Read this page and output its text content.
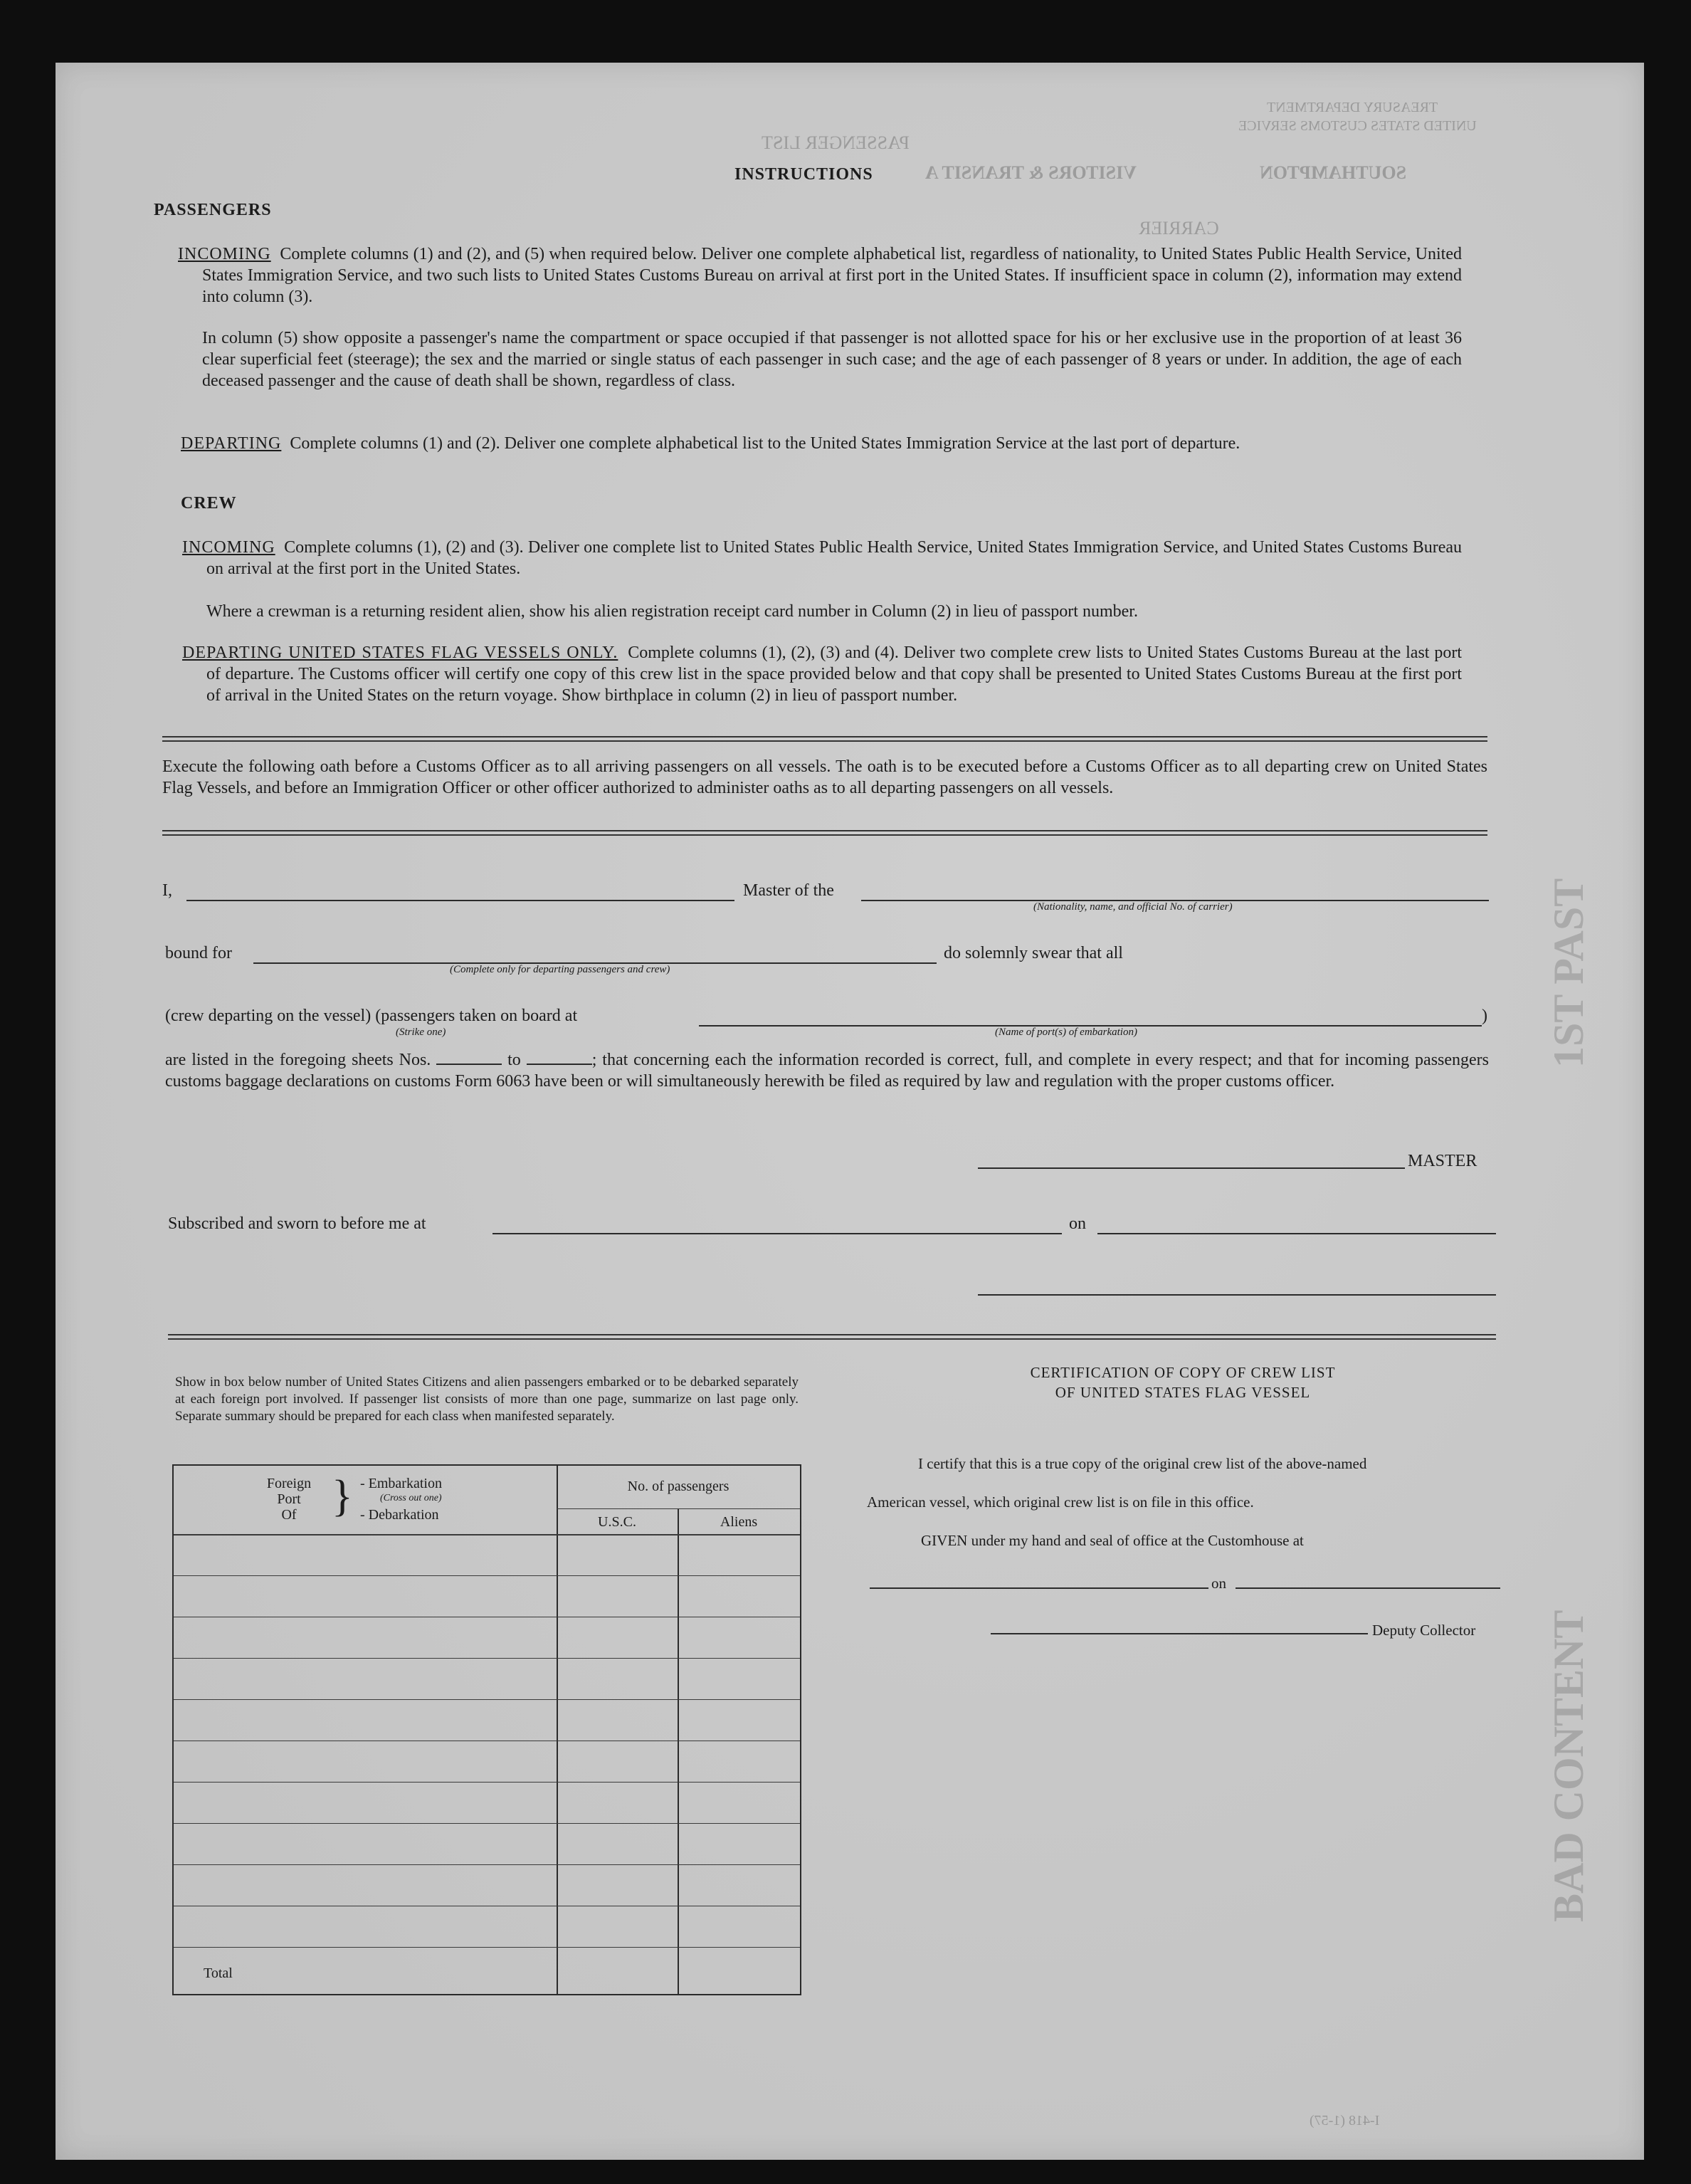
TREASURY DEPARTMENT
UNITED STATES CUSTOMS SERVICE
PASSENGER LIST
SOUTHAMPTON
VISITORS & TRANSIT A
CARRIER
I-418 (1-57)
1ST PAST
BAD CONTENT
INSTRUCTIONS
PASSENGERS
INCOMING Complete columns (1) and (2), and (5) when required below. Deliver one complete alphabetical list, regardless of nationality, to United States Public Health Service, United States Immigration Service, and two such lists to United States Customs Bureau on arrival at first port in the United States. If insufficient space in column (2), information may extend into column (3).
In column (5) show opposite a passenger's name the compartment or space occupied if that passenger is not allotted space for his or her exclusive use in the proportion of at least 36 clear superficial feet (steerage); the sex and the married or single status of each passenger in such case; and the age of each passenger of 8 years or under. In addition, the age of each deceased passenger and the cause of death shall be shown, regardless of class.
DEPARTING Complete columns (1) and (2). Deliver one complete alphabetical list to the United States Immigration Service at the last port of departure.
CREW
INCOMING Complete columns (1), (2) and (3). Deliver one complete list to United States Public Health Service, United States Immigration Service, and United States Customs Bureau on arrival at the first port in the United States.
Where a crewman is a returning resident alien, show his alien registration receipt card number in Column (2) in lieu of passport number.
DEPARTING UNITED STATES FLAG VESSELS ONLY. Complete columns (1), (2), (3) and (4). Deliver two complete crew lists to United States Customs Bureau at the last port of departure. The Customs officer will certify one copy of this crew list in the space provided below and that copy shall be presented to United States Customs Bureau at the first port of arrival in the United States on the return voyage. Show birthplace in column (2) in lieu of passport number.
Execute the following oath before a Customs Officer as to all arriving passengers on all vessels. The oath is to be executed before a Customs Officer as to all departing crew on United States Flag Vessels, and before an Immigration Officer or other officer authorized to administer oaths as to all departing passengers on all vessels.
I,	Master of the
(Nationality, name, and official No. of carrier)
bound for
(Complete only for departing passengers and crew)
do solemnly swear that all
(crew departing on the vessel) (passengers taken on board at	)
(Strike one)	(Name of port(s) of embarkation)
are listed in the foregoing sheets Nos.	to	; that concerning each the information recorded is correct, full, and complete in every respect; and that for incoming passengers customs baggage declarations on customs Form 6063 have been or will simultaneously herewith be filed as required by law and regulation with the proper customs officer.
MASTER
Subscribed and sworn to before me at	on
Show in box below number of United States Citizens and alien passengers embarked or to be debarked separately at each foreign port involved. If passenger list consists of more than one page, summarize on last page only. Separate summary should be prepared for each class when manifested separately.
Foreign
Port
Of } - Embarkation
(Cross out one)
- Debarkation
No. of passengers
U.S.C.	Aliens
Total
CERTIFICATION OF COPY OF CREW LIST
OF UNITED STATES FLAG VESSEL
I certify that this is a true copy of the original crew list of the above-named
American vessel, which original crew list is on file in this office.
GIVEN under my hand and seal of office at the Customhouse at
on
Deputy Collector
